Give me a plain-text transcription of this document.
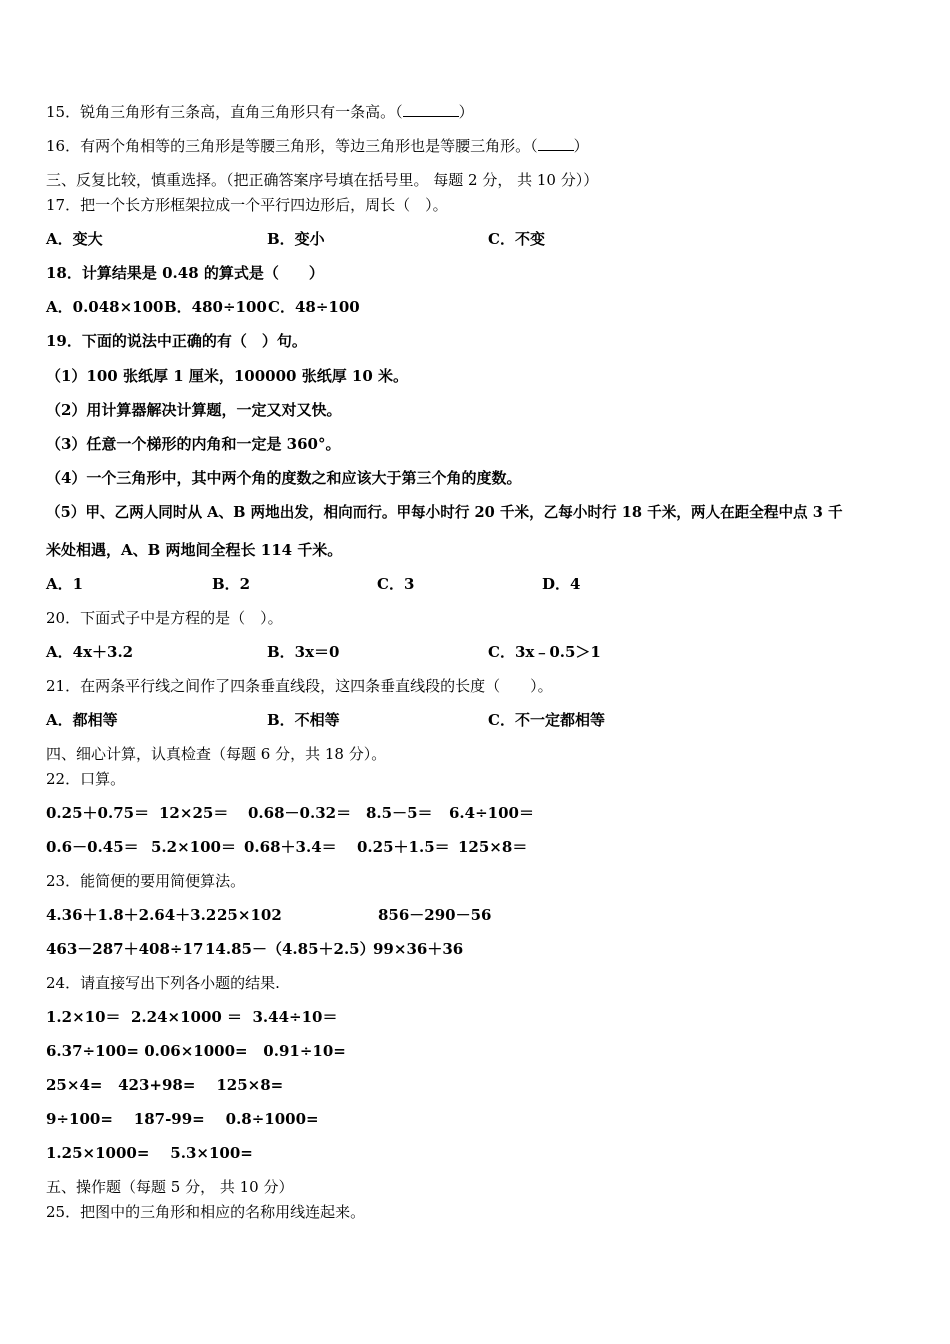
15．锐角三角形有三条高，直角三角形只有一条高。（	）
16．有两个角相等的三角形是等腰三角形，等边三角形也是等腰三角形。（ ）
三、反复比较，慎重选择。（把正确答案序号填在括号里。 每题 2 分， 共 10 分））
17．把一个长方形框架拉成一个平行四边形后，周长（　）。
A．变大	B．变小	C．不变
18．计算结果是 0.48 的算式是（　　）
A．0.048×100 B．480÷100 C．48÷100
19．下面的说法中正确的有（　）句。
（1）100 张纸厚 1 厘米，100000 张纸厚 10 米。
（2）用计算器解决计算题，一定又对又快。
（3）任意一个梯形的内角和一定是 360°。
（4）一个三角形中，其中两个角的度数之和应该大于第三个角的度数。
（5）甲、乙两人同时从 A、B 两地出发，相向而行。甲每小时行 20 千米，乙每小时行 18 千米，两人在距全程中点 3 千
米处相遇，A、B 两地间全程长 114 千米。
A．1	B．2	C．3	D．4
20．下面式子中是方程的是（　）。
A．4x＋3.2	B．3x＝0	C．3x﹣0.5＞1
21．在两条平行线之间作了四条垂直线段，这四条垂直线段的长度（　　）。
A．都相等	B．不相等	C．不一定都相等
四、细心计算，认真检查（每题 6 分，共 18 分）。
22．口算。
0.25＋0.75＝ 12×25＝ 0.68－0.32＝ 8.5－5＝ 6.4÷100＝
0.6－0.45＝ 5.2×100＝ 0.68＋3.4＝ 0.25＋1.5＝ 125×8＝
23．能简便的要用简便算法。
4.36＋1.8＋2.64＋3.2 25×102	856－290－56
463－287＋408÷17 14.85－（4.85＋2.5）
99×36＋36
24．请直接写出下列各小题的结果.
1.2×10＝  2.24×1000 ＝  3.44÷10＝
6.37÷100= 0.06×1000=   0.91÷10=
25×4=   423+98=    125×8=
9÷100=    187-99=    0.8÷1000=
1.25×1000=    5.3×100=
五、操作题（每题 5 分， 共 10 分）
25．把图中的三角形和相应的名称用线连起来。
